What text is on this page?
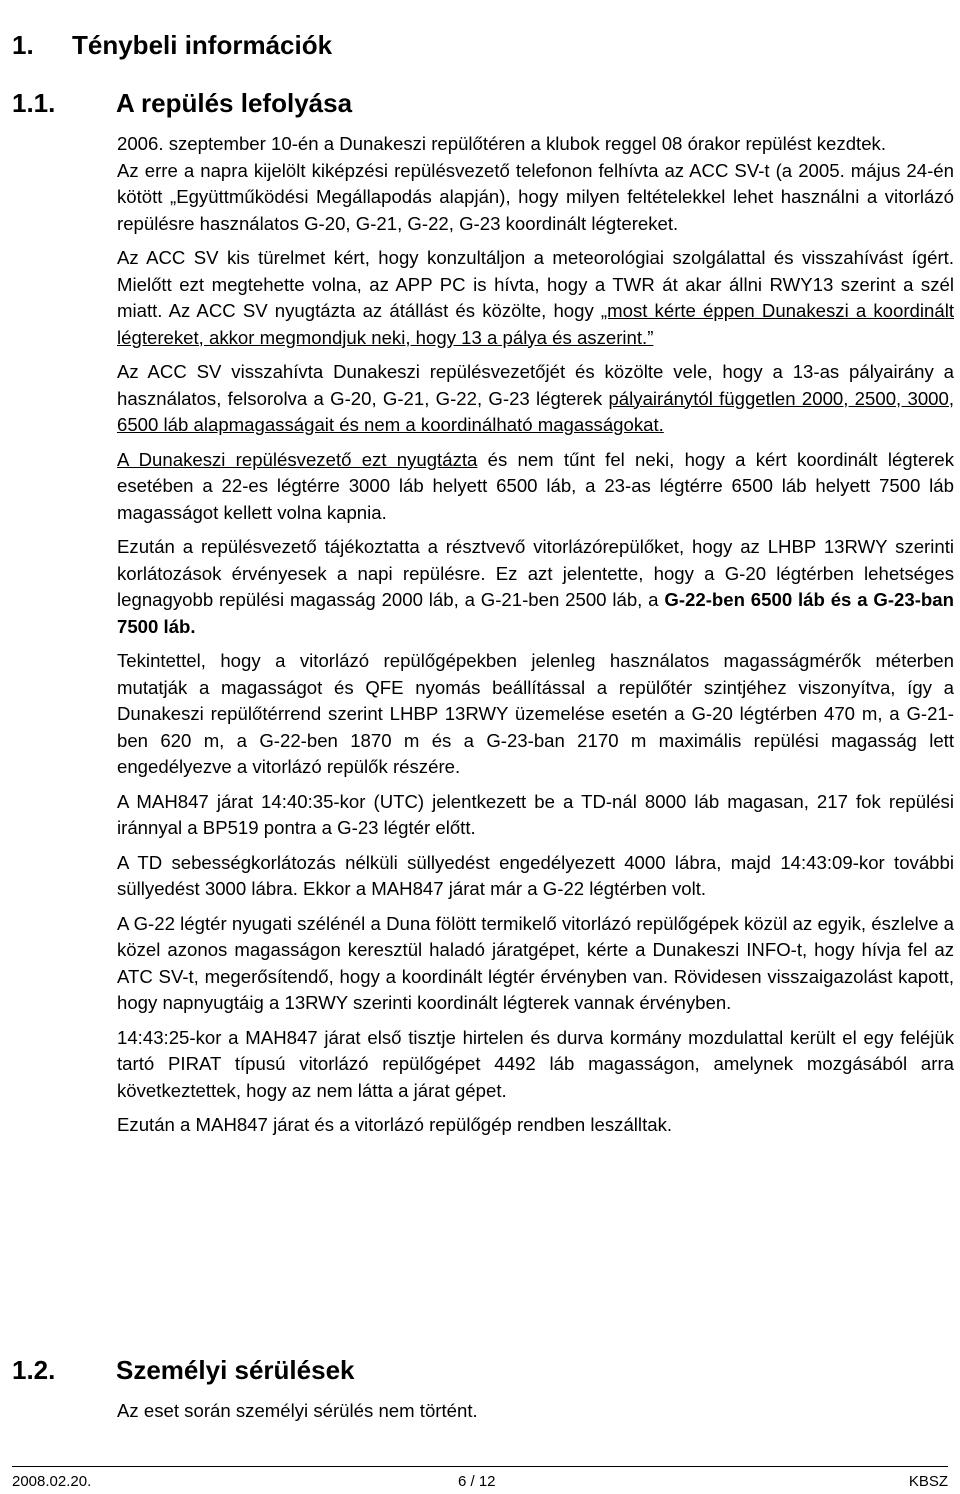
1. Ténybeli információk
1.1. A repülés lefolyása

2006. szeptember 10-én a Dunakeszi repülőtéren a klubok reggel 08 órakor repülést kezdtek.

Az erre a napra kijelölt kiképzési repülésvezető telefonon felhívta az ACC SV-t (a 2005. május 24-én kötött „Együttműködési Megállapodás alapján), hogy milyen feltételekkel lehet használni a vitorlázó repülésre használatos G-20, G-21, G-22, G-23 koordinált légtereket.

Az ACC SV kis türelmet kért, hogy konzultáljon a meteorológiai szolgálattal és visszahívást ígért. Mielőtt ezt megtehette volna, az APP PC is hívta, hogy a TWR át akar állni RWY13 szerint a szél miatt. Az ACC SV nyugtázta az átállást és közölte, hogy „most kérte éppen Dunakeszi a koordinált légtereket, akkor megmondjuk neki, hogy 13 a pálya és aszerint.”

Az ACC SV visszahívta Dunakeszi repülésvezetőjét és közölte vele, hogy a 13-as pályairány a használatos, felsorolva a G-20, G-21, G-22, G-23 légterek pályairánytól független 2000, 2500, 3000, 6500 láb alapmagasságait és nem a koordinálható magasságokat.

A Dunakeszi repülésvezető ezt nyugtázta és nem tűnt fel neki, hogy a kért koordinált légterek esetében a 22-es légtérre 3000 láb helyett 6500 láb, a 23-as légtérre 6500 láb helyett 7500 láb magasságot kellett volna kapnia.

Ezután a repülésvezető tájékoztatta a résztvevő vitorlázórepülőket, hogy az LHBP 13RWY szerinti korlátozások érvényesek a napi repülésre. Ez azt jelentette, hogy a G-20 légtérben lehetséges legnagyobb repülési magasság 2000 láb, a G-21-ben 2500 láb, a G-22-ben 6500 láb és a G-23-ban 7500 láb.

Tekintettel, hogy a vitorlázó repülőgépekben jelenleg használatos magasságmérők méterben mutatják a magasságot és QFE nyomás beállítással a repülőtér szintjéhez viszonyítva, így a Dunakeszi repülőtérrend szerint LHBP 13RWY üzemelése esetén a G-20 légtérben 470 m, a G-21-ben 620 m, a G-22-ben 1870 m és a G-23-ban 2170 m maximális repülési magasság lett engedélyezve a vitorlázó repülők részére.

A MAH847 járat 14:40:35-kor (UTC) jelentkezett be a TD-nál 8000 láb magasan, 217 fok repülési iránnyal a BP519 pontra a G-23 légtér előtt.

A TD sebességkorlátozás nélküli süllyedést engedélyezett 4000 lábra, majd 14:43:09-kor további süllyedést 3000 lábra. Ekkor a MAH847 járat már a G-22 légtérben volt.

A G-22 légtér nyugati szélénél a Duna fölött termikelő vitorlázó repülőgépek közül az egyik, észlelve a közel azonos magasságon keresztül haladó járatgépet, kérte a Dunakeszi INFO-t, hogy hívja fel az ATC SV-t, megerősítendő, hogy a koordinált légtér érvényben van. Rövidesen visszaigazolást kapott, hogy napnyugtáig a 13RWY szerinti koordinált légterek vannak érvényben.

14:43:25-kor a MAH847 járat első tisztje hirtelen és durva kormány mozdulattal került el egy feléjük tartó PIRAT típusú vitorlázó repülőgépet 4492 láb magasságon, amelynek mozgásából arra következtettek, hogy az nem látta a járat gépet.

Ezután a MAH847 járat és a vitorlázó repülőgép rendben leszálltak.

1.2. Személyi sérülések
Az eset során személyi sérülés nem történt.
2008.02.20.	6 / 12	KBSZ
